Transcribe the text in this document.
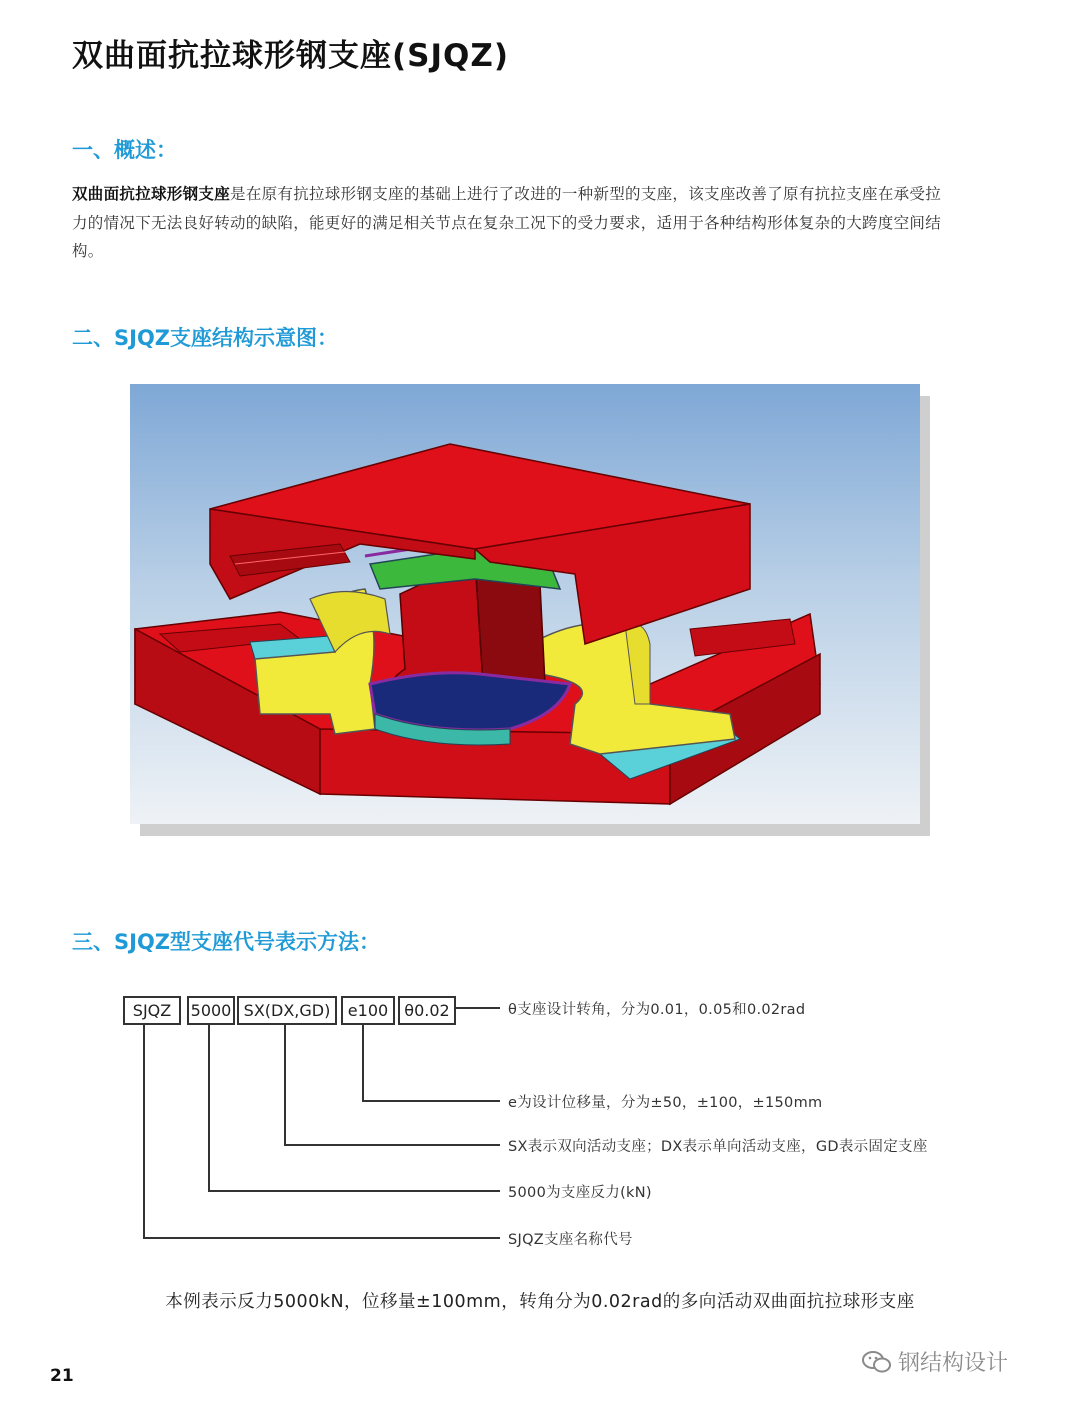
双曲面抗拉球形钢支座(SJQZ)
一、概述：
双曲面抗拉球形钢支座是在原有抗拉球形钢支座的基础上进行了改进的一种新型的支座，该支座改善了原有抗拉支座在承受拉力的情况下无法良好转动的缺陷，能更好的满足相关节点在复杂工况下的受力要求，适用于各种结构形体复杂的大跨度空间结构。
二、SJQZ支座结构示意图：
三、SJQZ型支座代号表示方法：
SJQZ	5000 SX(DX,GD)	e100	θ0.02	θ支座设计转角，分为0.01，0.05和0.02rad
e为设计位移量，分为±50，±100，±150mm
SX表示双向活动支座；DX表示单向活动支座，GD表示固定支座
5000为支座反力(kN)
SJQZ支座名称代号
本例表示反力5000kN，位移量±100mm，转角分为0.02rad的多向活动双曲面抗拉球形支座
21	钢结构设计
